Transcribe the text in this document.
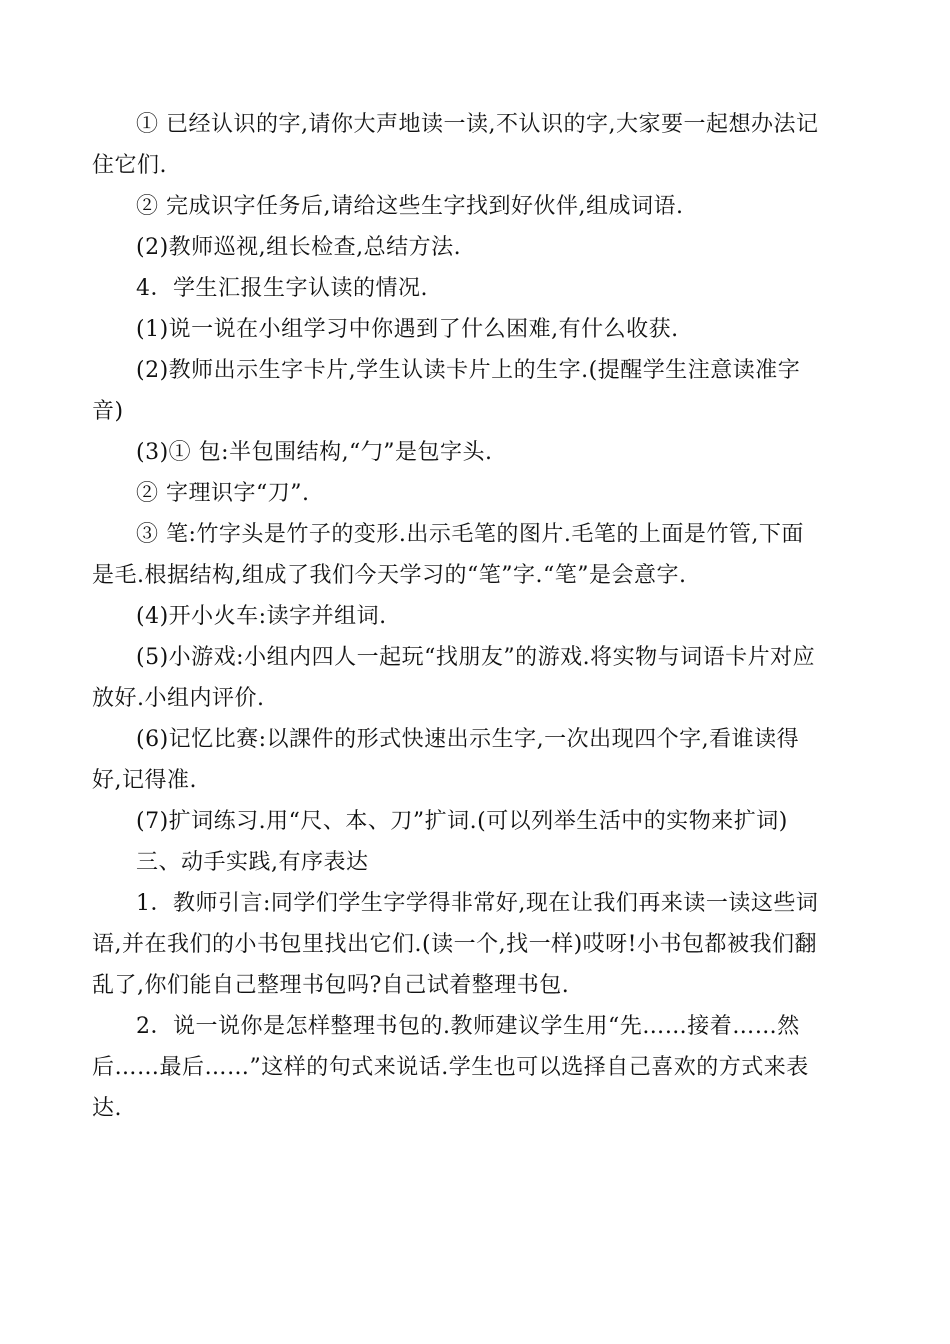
① 已经认识的字,请你大声地读一读,不认识的字,大家要一起想办法记住它们.

② 完成识字任务后,请给这些生字找到好伙伴,组成词语.

(2)教师巡视,组长检查,总结方法.

4．学生汇报生字认读的情况.

(1)说一说在小组学习中你遇到了什么困难,有什么收获.

(2)教师出示生字卡片,学生认读卡片上的生字.(提醒学生注意读准字音)

(3)① 包:半包围结构,“勹”是包字头.

② 字理识字“刀”.

③ 笔:竹字头是竹子的变形.出示毛笔的图片.毛笔的上面是竹管,下面是毛.根据结构,组成了我们今天学习的“笔”字.“笔”是会意字.

(4)开小火车:读字并组词.

(5)小游戏:小组内四人一起玩“找朋友”的游戏.将实物与词语卡片对应放好.小组内评价.

(6)记忆比赛:以課件的形式快速出示生字,一次出现四个字,看谁读得好,记得准.

(7)扩词练习.用“尺、本、刀”扩词.(可以列举生活中的实物来扩词)

三、动手实践,有序表达

1．教师引言:同学们学生字学得非常好,现在让我们再来读一读这些词语,并在我们的小书包里找出它们.(读一个,找一样)哎呀!小书包都被我们翻乱了,你们能自己整理书包吗?自己试着整理书包.

2．说一说你是怎样整理书包的.教师建议学生用“先……接着……然后……最后……”这样的句式来说话.学生也可以选择自己喜欢的方式来表达.
